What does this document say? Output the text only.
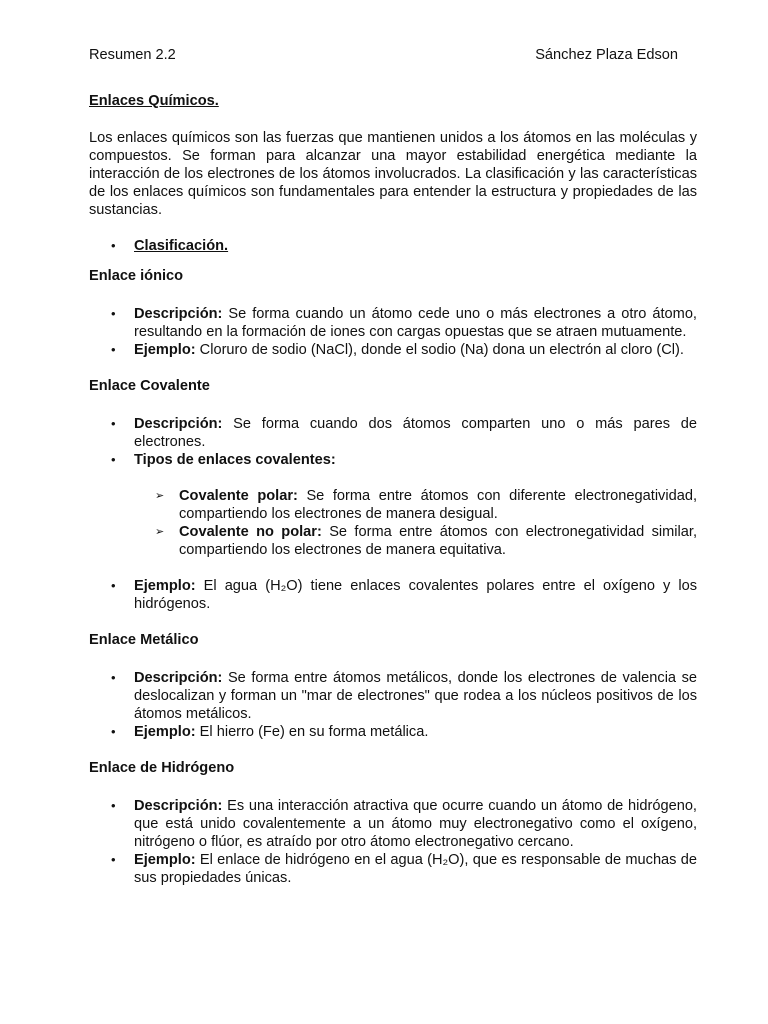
Resumen 2.2	Sánchez Plaza Edson

Enlaces Químicos.

Los enlaces químicos son las fuerzas que mantienen unidos a los átomos en las moléculas y compuestos. Se forman para alcanzar una mayor estabilidad energética mediante la interacción de los electrones de los átomos involucrados. La clasificación y las características de los enlaces químicos son fundamentales para entender la estructura y propiedades de las sustancias.

• Clasificación.

Enlace iónico

• Descripción: Se forma cuando un átomo cede uno o más electrones a otro átomo, resultando en la formación de iones con cargas opuestas que se atraen mutuamente.
• Ejemplo: Cloruro de sodio (NaCl), donde el sodio (Na) dona un electrón al cloro (Cl).

Enlace Covalente

• Descripción: Se forma cuando dos átomos comparten uno o más pares de electrones.
• Tipos de enlaces covalentes:
➢ Covalente polar: Se forma entre átomos con diferente electronegatividad, compartiendo los electrones de manera desigual.
➢ Covalente no polar: Se forma entre átomos con electronegatividad similar, compartiendo los electrones de manera equitativa.
• Ejemplo: El agua (H₂O) tiene enlaces covalentes polares entre el oxígeno y los hidrógenos.

Enlace Metálico

• Descripción: Se forma entre átomos metálicos, donde los electrones de valencia se deslocalizan y forman un "mar de electrones" que rodea a los núcleos positivos de los átomos metálicos.
• Ejemplo: El hierro (Fe) en su forma metálica.

Enlace de Hidrógeno

• Descripción: Es una interacción atractiva que ocurre cuando un átomo de hidrógeno, que está unido covalentemente a un átomo muy electronegativo como el oxígeno, nitrógeno o flúor, es atraído por otro átomo electronegativo cercano.
• Ejemplo: El enlace de hidrógeno en el agua (H₂O), que es responsable de muchas de sus propiedades únicas.
